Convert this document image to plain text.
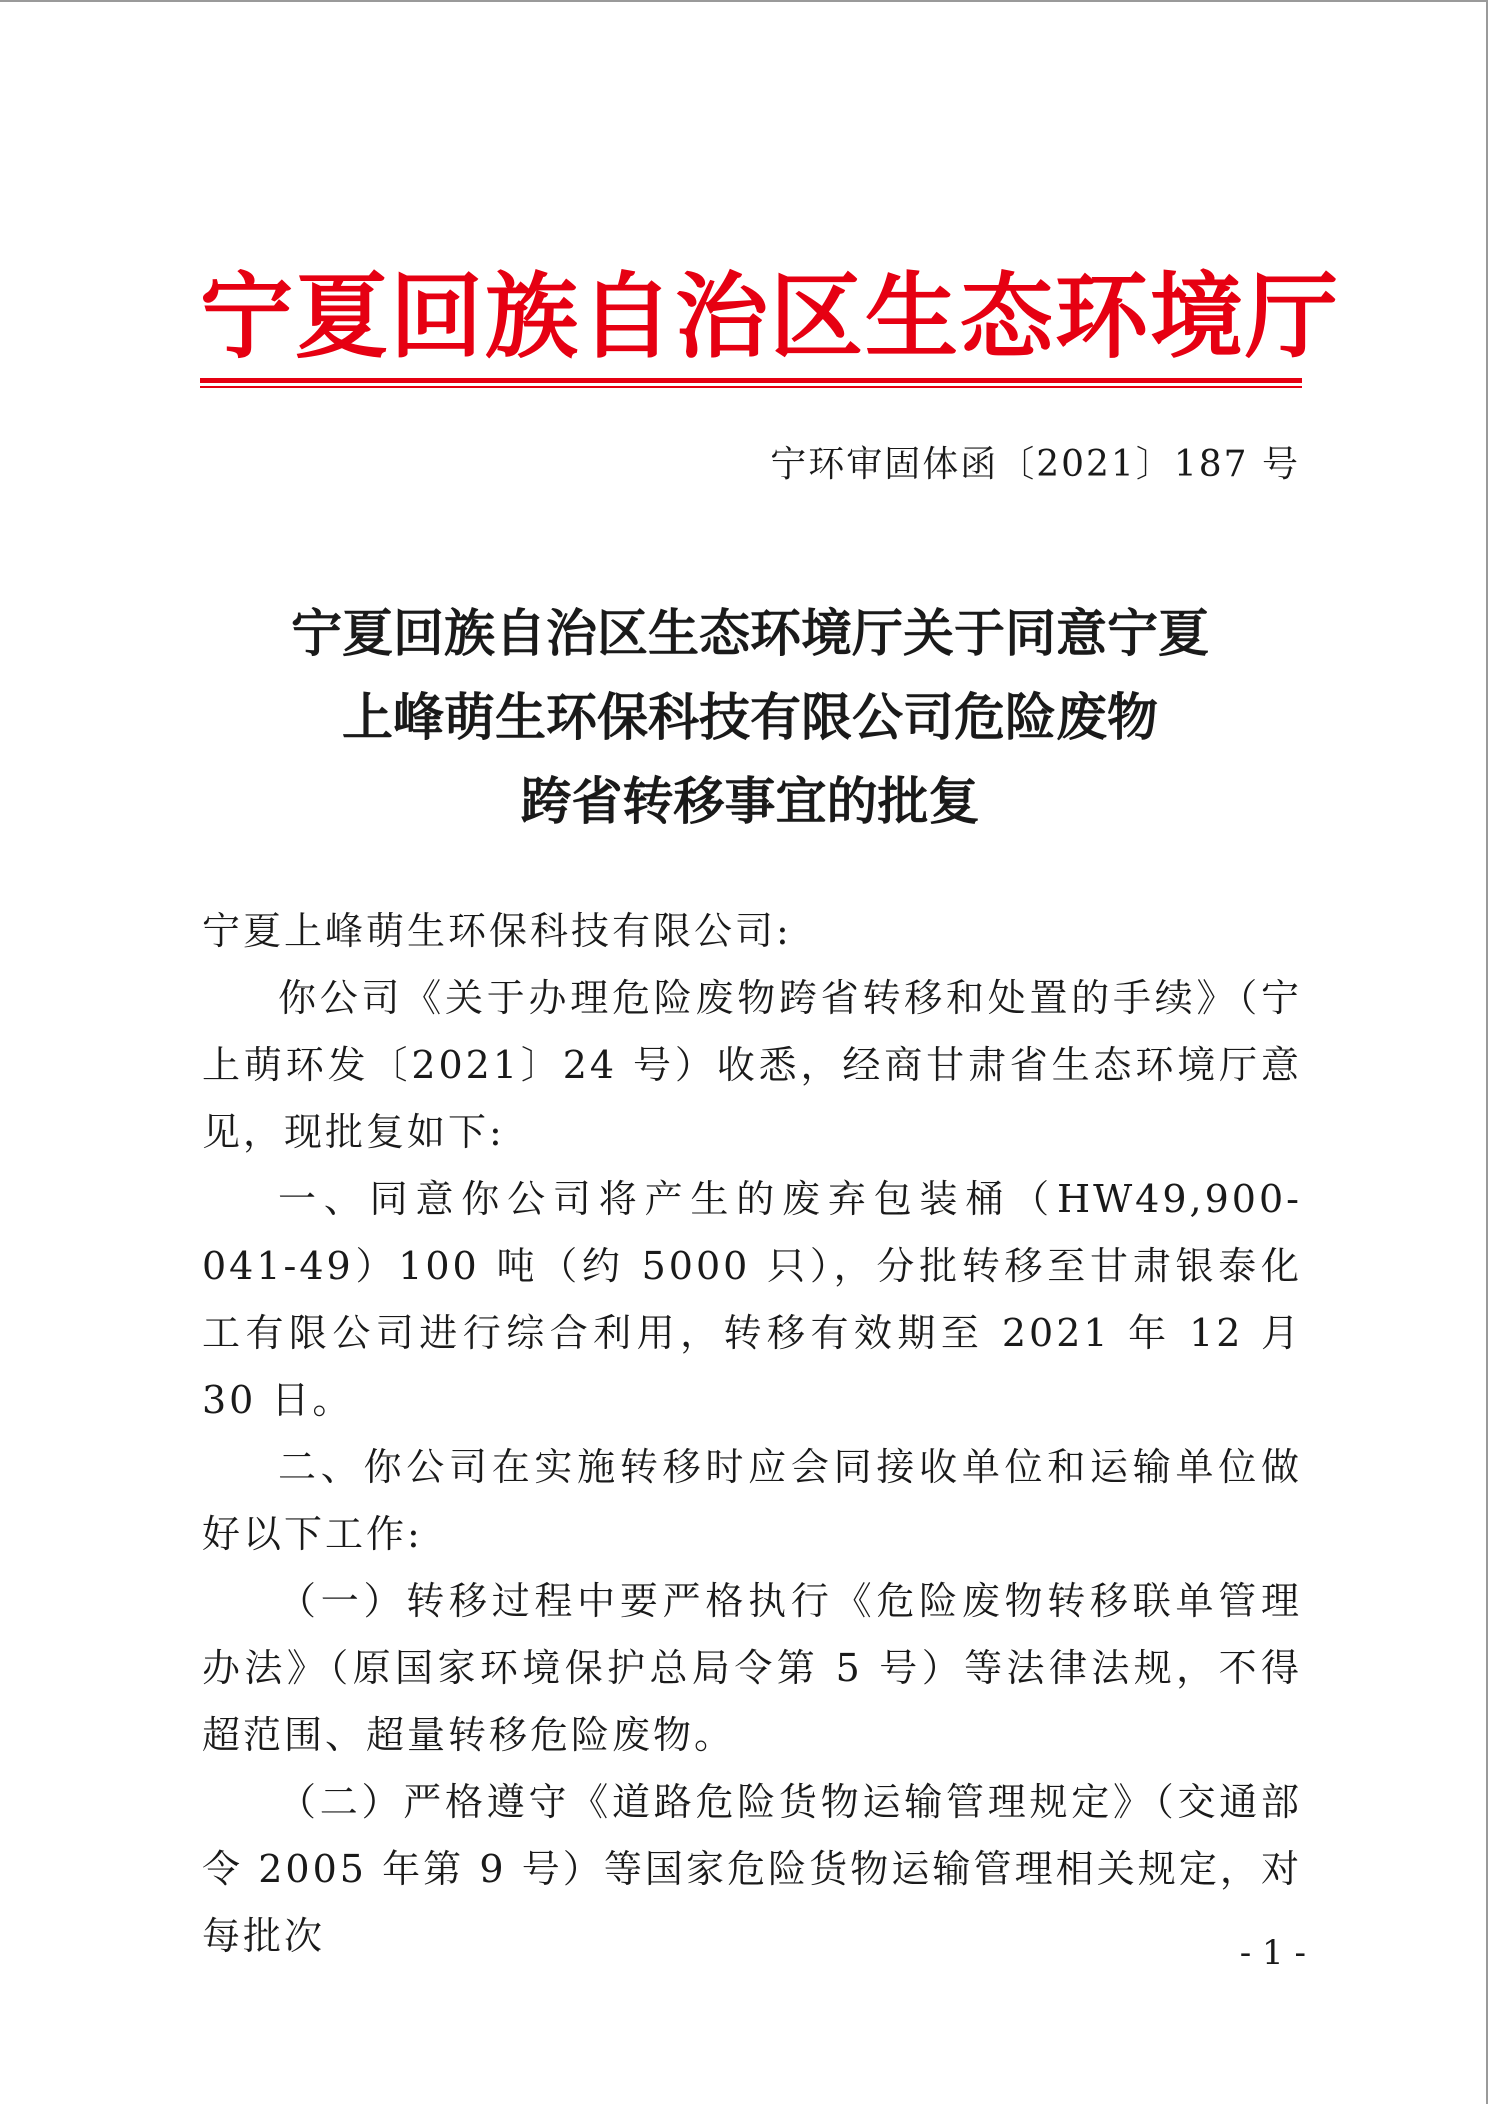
宁夏回族自治区生态环境厅
宁环审固体函〔2021〕187 号
宁夏回族自治区生态环境厅关于同意宁夏
上峰萌生环保科技有限公司危险废物
跨省转移事宜的批复

宁夏上峰萌生环保科技有限公司:

你公司《关于办理危险废物跨省转移和处置的手续》（宁上萌环发〔2021〕24 号）收悉，经商甘肃省生态环境厅意见，现批复如下:

一、同意你公司将产生的废弃包装桶（HW49,900-041-49）100 吨（约 5000 只），分批转移至甘肃银泰化工有限公司进行综合利用，转移有效期至 2021 年 12 月 30 日。

二、你公司在实施转移时应会同接收单位和运输单位做好以下工作:

（一）转移过程中要严格执行《危险废物转移联单管理办法》（原国家环境保护总局令第 5 号）等法律法规，不得超范围、超量转移危险废物。

（二）严格遵守《道路危险货物运输管理规定》（交通部令 2005 年第 9 号）等国家危险货物运输管理相关规定，对每批次	- 1 -
